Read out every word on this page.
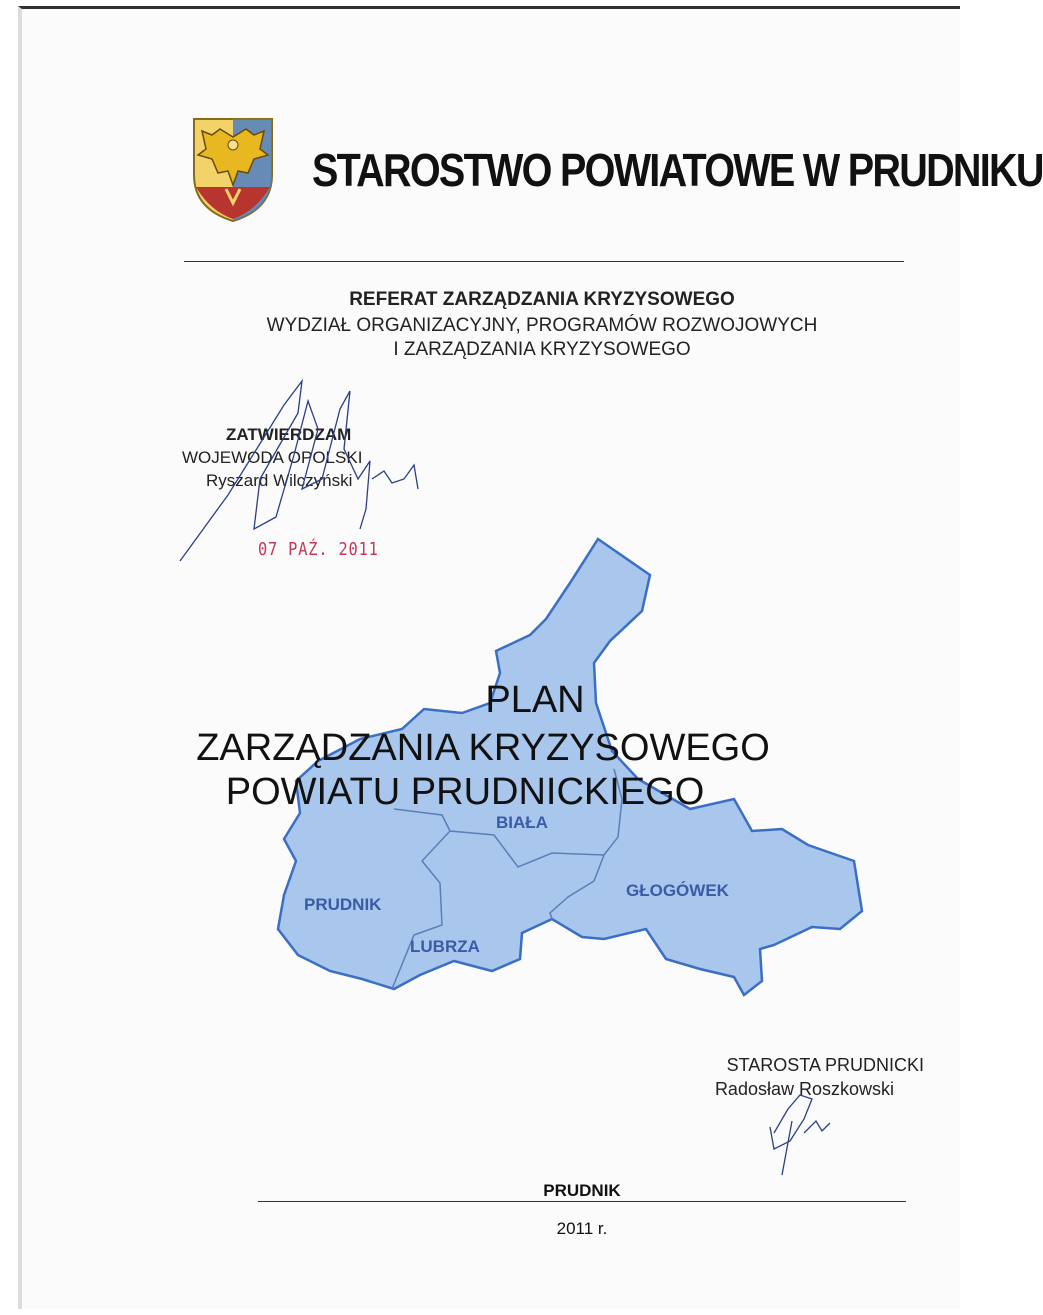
STAROSTWO POWIATOWE W PRUDNIKU
REFERAT ZARZĄDZANIA KRYZYSOWEGO
WYDZIAŁ ORGANIZACYJNY, PROGRAMÓW ROZWOJOWYCH
I ZARZĄDZANIA KRYZYSOWEGO
ZATWIERDZAM
WOJEWODA OPOLSKI
Ryszard Wilczyński
07 PAŹ. 2011
PLAN
ZARZĄDZANIA KRYZYSOWEGO
POWIATU PRUDNICKIEGO
BIAŁA
PRUDNIK
LUBRZA
GŁOGÓWEK
STAROSTA PRUDNICKI
Radosław Roszkowski
PRUDNIK
2011 r.
